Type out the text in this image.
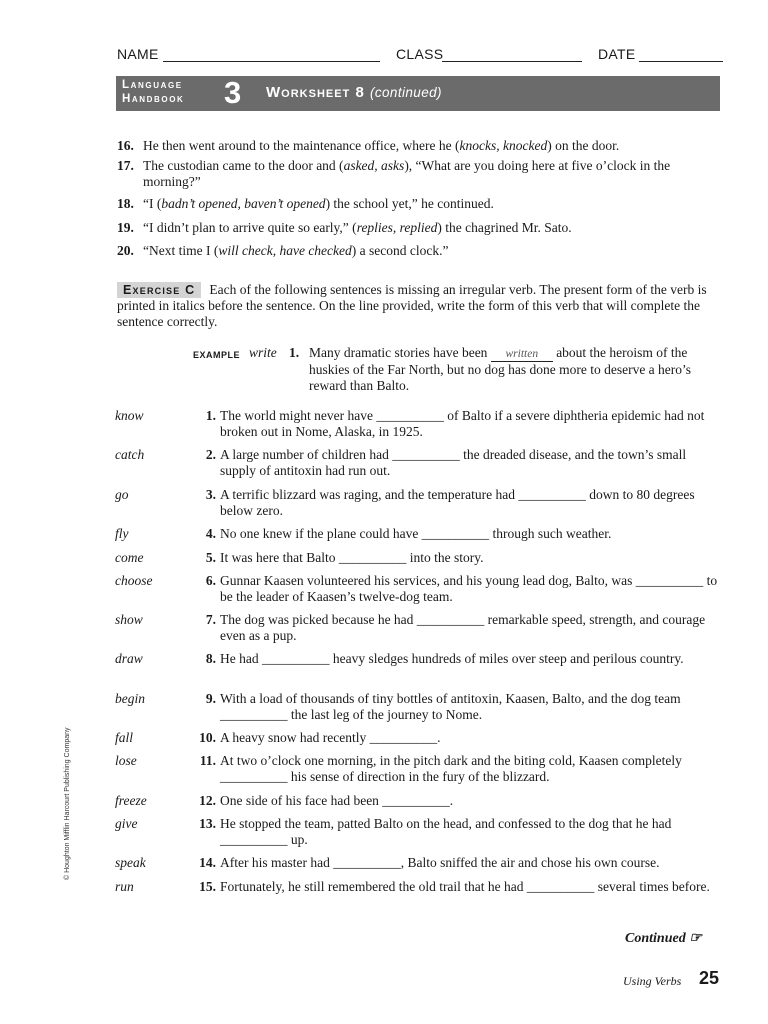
NAME	CLASS	DATE
Language
Handbook 3 Worksheet 8 (continued)
16. He then went around to the maintenance office, where he (knocks, knocked) on the door.
17. The custodian came to the door and (asked, asks), “What are you doing here at five o’clock in the morning?”
18. “I (badn’t opened, baven’t opened) the school yet,” he continued.
19. “I didn’t plan to arrive quite so early,” (replies, replied) the chagrined Mr. Sato.
20. “Next time I (will check, have checked) a second clock.”
Exercise C Each of the following sentences is missing an irregular verb. The present form of the verb is printed in italics before the sentence. On the line provided, write the form of this verb that will complete the sentence correctly.
EXAMPLE write 1. Many dramatic stories have been written about the heroism of the huskies of the Far North, but no dog has done more to deserve a hero’s reward than Balto.
know	1. The world might never have __________ of Balto if a severe diphtheria epidemic had not broken out in Nome, Alaska, in 1925.
catch	2. A large number of children had __________ the dreaded disease, and the town’s small supply of antitoxin had run out.
go	3. A terrific blizzard was raging, and the temperature had __________ down to 80 degrees below zero.
fly	4. No one knew if the plane could have __________ through such weather.
come	5. It was here that Balto __________ into the story.
choose	6. Gunnar Kaasen volunteered his services, and his young lead dog, Balto, was __________ to be the leader of Kaasen’s twelve-dog team.
show	7. The dog was picked because he had __________ remarkable speed, strength, and courage even as a pup.
draw	8. He had __________ heavy sledges hundreds of miles over steep and perilous country.
begin	9. With a load of thousands of tiny bottles of antitoxin, Kaasen, Balto, and the dog team __________ the last leg of the journey to Nome.
fall	10. A heavy snow had recently __________.
lose	11. At two o’clock one morning, in the pitch dark and the biting cold, Kaasen completely __________ his sense of direction in the fury of the blizzard.
freeze	12. One side of his face had been __________.
give	13. He stopped the team, patted Balto on the head, and confessed to the dog that he had __________ up.
speak	14. After his master had __________, Balto sniffed the air and chose his own course.
run	15. Fortunately, he still remembered the old trail that he had __________ several times before.
© Houghton Mifflin Harcourt Publishing Company
Continued ☞
Using Verbs 25
